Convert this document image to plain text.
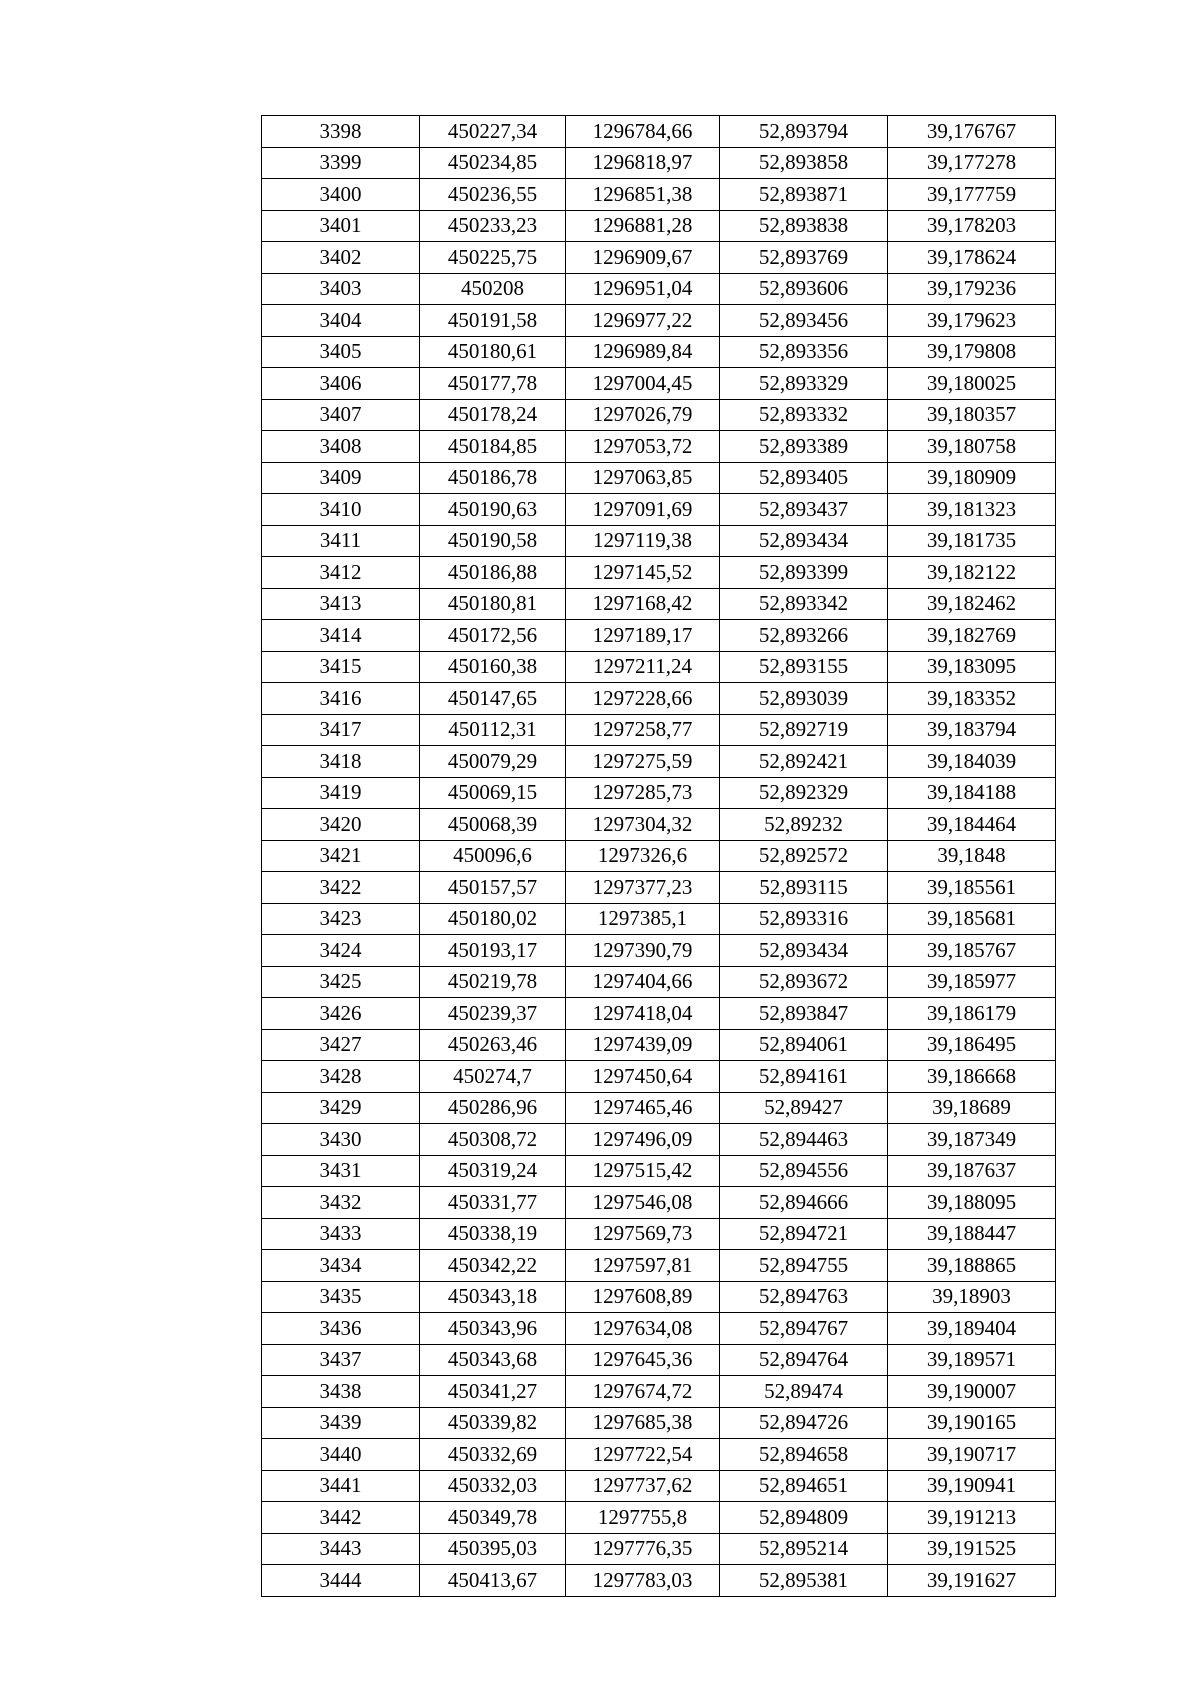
3398	450227,34	1296784,66	52,893794	39,176767
3399	450234,85	1296818,97	52,893858	39,177278
3400	450236,55	1296851,38	52,893871	39,177759
3401	450233,23	1296881,28	52,893838	39,178203
3402	450225,75	1296909,67	52,893769	39,178624
3403	450208	1296951,04	52,893606	39,179236
3404	450191,58	1296977,22	52,893456	39,179623
3405	450180,61	1296989,84	52,893356	39,179808
3406	450177,78	1297004,45	52,893329	39,180025
3407	450178,24	1297026,79	52,893332	39,180357
3408	450184,85	1297053,72	52,893389	39,180758
3409	450186,78	1297063,85	52,893405	39,180909
3410	450190,63	1297091,69	52,893437	39,181323
3411	450190,58	1297119,38	52,893434	39,181735
3412	450186,88	1297145,52	52,893399	39,182122
3413	450180,81	1297168,42	52,893342	39,182462
3414	450172,56	1297189,17	52,893266	39,182769
3415	450160,38	1297211,24	52,893155	39,183095
3416	450147,65	1297228,66	52,893039	39,183352
3417	450112,31	1297258,77	52,892719	39,183794
3418	450079,29	1297275,59	52,892421	39,184039
3419	450069,15	1297285,73	52,892329	39,184188
3420	450068,39	1297304,32	52,89232	39,184464
3421	450096,6	1297326,6	52,892572	39,1848
3422	450157,57	1297377,23	52,893115	39,185561
3423	450180,02	1297385,1	52,893316	39,185681
3424	450193,17	1297390,79	52,893434	39,185767
3425	450219,78	1297404,66	52,893672	39,185977
3426	450239,37	1297418,04	52,893847	39,186179
3427	450263,46	1297439,09	52,894061	39,186495
3428	450274,7	1297450,64	52,894161	39,186668
3429	450286,96	1297465,46	52,89427	39,18689
3430	450308,72	1297496,09	52,894463	39,187349
3431	450319,24	1297515,42	52,894556	39,187637
3432	450331,77	1297546,08	52,894666	39,188095
3433	450338,19	1297569,73	52,894721	39,188447
3434	450342,22	1297597,81	52,894755	39,188865
3435	450343,18	1297608,89	52,894763	39,18903
3436	450343,96	1297634,08	52,894767	39,189404
3437	450343,68	1297645,36	52,894764	39,189571
3438	450341,27	1297674,72	52,89474	39,190007
3439	450339,82	1297685,38	52,894726	39,190165
3440	450332,69	1297722,54	52,894658	39,190717
3441	450332,03	1297737,62	52,894651	39,190941
3442	450349,78	1297755,8	52,894809	39,191213
3443	450395,03	1297776,35	52,895214	39,191525
3444	450413,67	1297783,03	52,895381	39,191627
